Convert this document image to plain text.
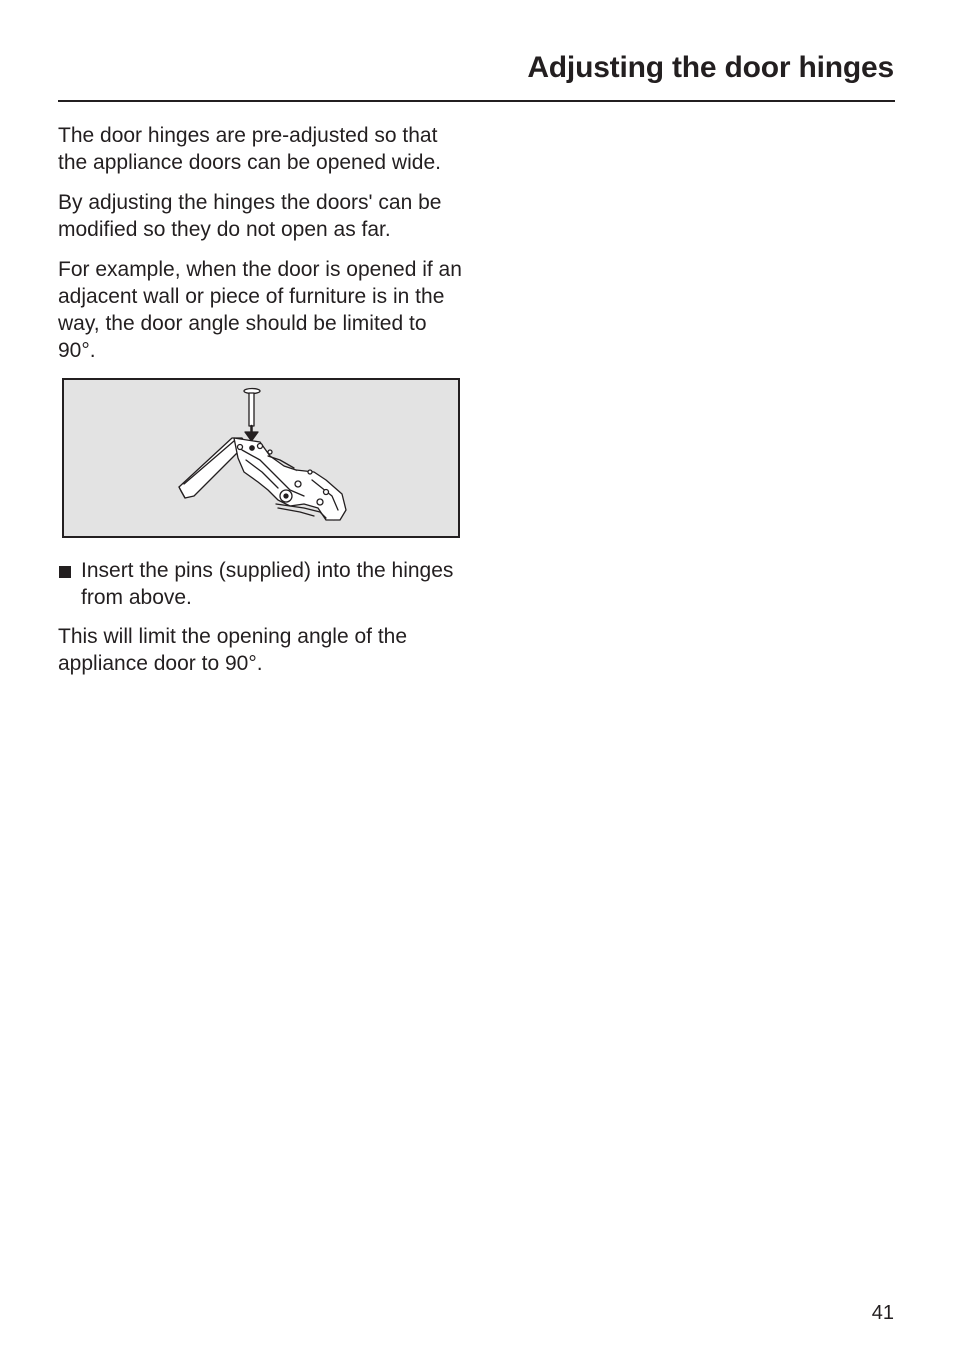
Adjusting the door hinges

The door hinges are pre-adjusted so that the appliance doors can be opened wide.

By adjusting the hinges the doors' can be modified so they do not open as far.

For example, when the door is opened if an adjacent wall or piece of furniture is in the way, the door angle should be limited to 90°.

Insert the pins (supplied) into the hinges from above.

This will limit the opening angle of the appliance door to 90°.

41
